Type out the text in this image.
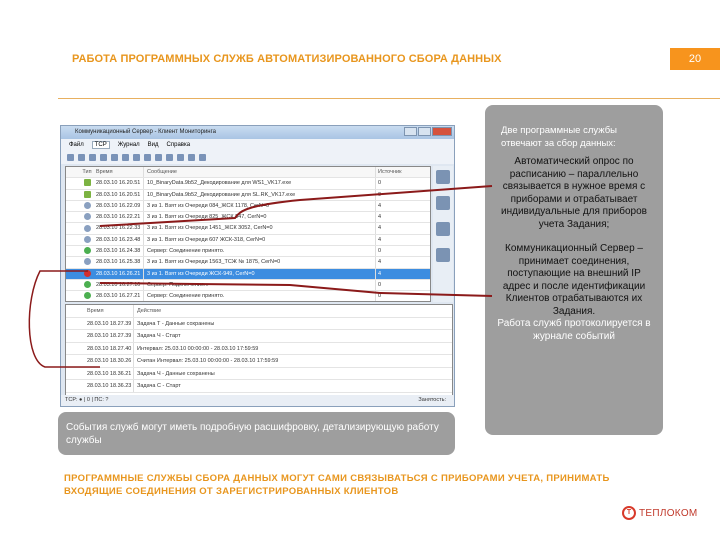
РАБОТА ПРОГРАММНЫХ СЛУЖБ АВТОМАТИЗИРОВАННОГО СБОРА ДАННЫХ	20
Коммуникационный Сервер - Клиент Мониторинга
Файл	TCP	Журнал Вид Справка
Тип Время	Сообщение	Источник
28.03.10 16.20.51	10_BinaryData.9b52_Декодирование для WS1_VK17.exe	0
28.03.10 16.20.51	10_BinaryData.9b52_Декодирование для SL.RK_VK17.exe	0
28.03.10 16.22.09	3 из 1. Взят из Очереди 084_ЖСК 1178, CerN=0	4
28.03.10 16.22.21	3 из 1. Взят из Очереди 825_ЖСК 847, CerN=0	4
28.03.10 16.22.33	3 из 1. Взят из Очереди 1451_ЖСК 3052, CerN=0	4
28.03.10 16.23.48	3 из 1. Взят из Очереди 607 ЖСК-318, CerN=0	4
28.03.10 16.24.38	Сервер: Соединение принято.	0
28.03.10 16.25.38	3 из 1. Взят из Очереди 1563_ТСЖ № 1875, CerN=0	4
28.03.10 16.26.21	3 из 1. Взят из Очереди ЖСК-949, CerN=0	4
28.03.10 16.27.10	Сервер: Подключение...	0
28.03.10 16.27.21	Сервер: Соединение принято.	0
Время	Действие
28.03.10 18.27.39	Задача Т - Данные сохранены
28.03.10 18.27.39	Задача Ч - Старт
28.03.10 18.27.40	Интервал: 25.03.10 00:00:00 - 28.03.10 17:59:59
28.03.10 18.30.26	Считан Интервал: 25.03.10 00:00:00 - 28.03.10 17:59:59
28.03.10 18.36.21	Задача Ч - Данные сохранены
28.03.10 18.36.23	Задача С - Старт
TCP: ● | 0 | ПС: ?	Занятость:
Две программные службы отвечают за сбор данных:
Автоматический опрос по расписанию – параллельно связывается в нужное время с приборами и отрабатывает индивидуальные для приборов учета Задания;
Коммуникационный Сервер – принимает соединения, поступающие на внешний IP адрес и после идентификации Клиентов отрабатываются их Задания.
Работа служб протоколируется в журнале событий
События служб могут иметь подробную расшифровку, детализирующую работу службы
ПРОГРАММНЫЕ СЛУЖБЫ СБОРА ДАННЫХ МОГУТ САМИ СВЯЗЫВАТЬСЯ С ПРИБОРАМИ УЧЕТА, ПРИНИМАТЬ ВХОДЯЩИЕ СОЕДИНЕНИЯ ОТ ЗАРЕГИСТРИРОВАННЫХ КЛИЕНТОВ
Т ТЕПЛОКОМ
